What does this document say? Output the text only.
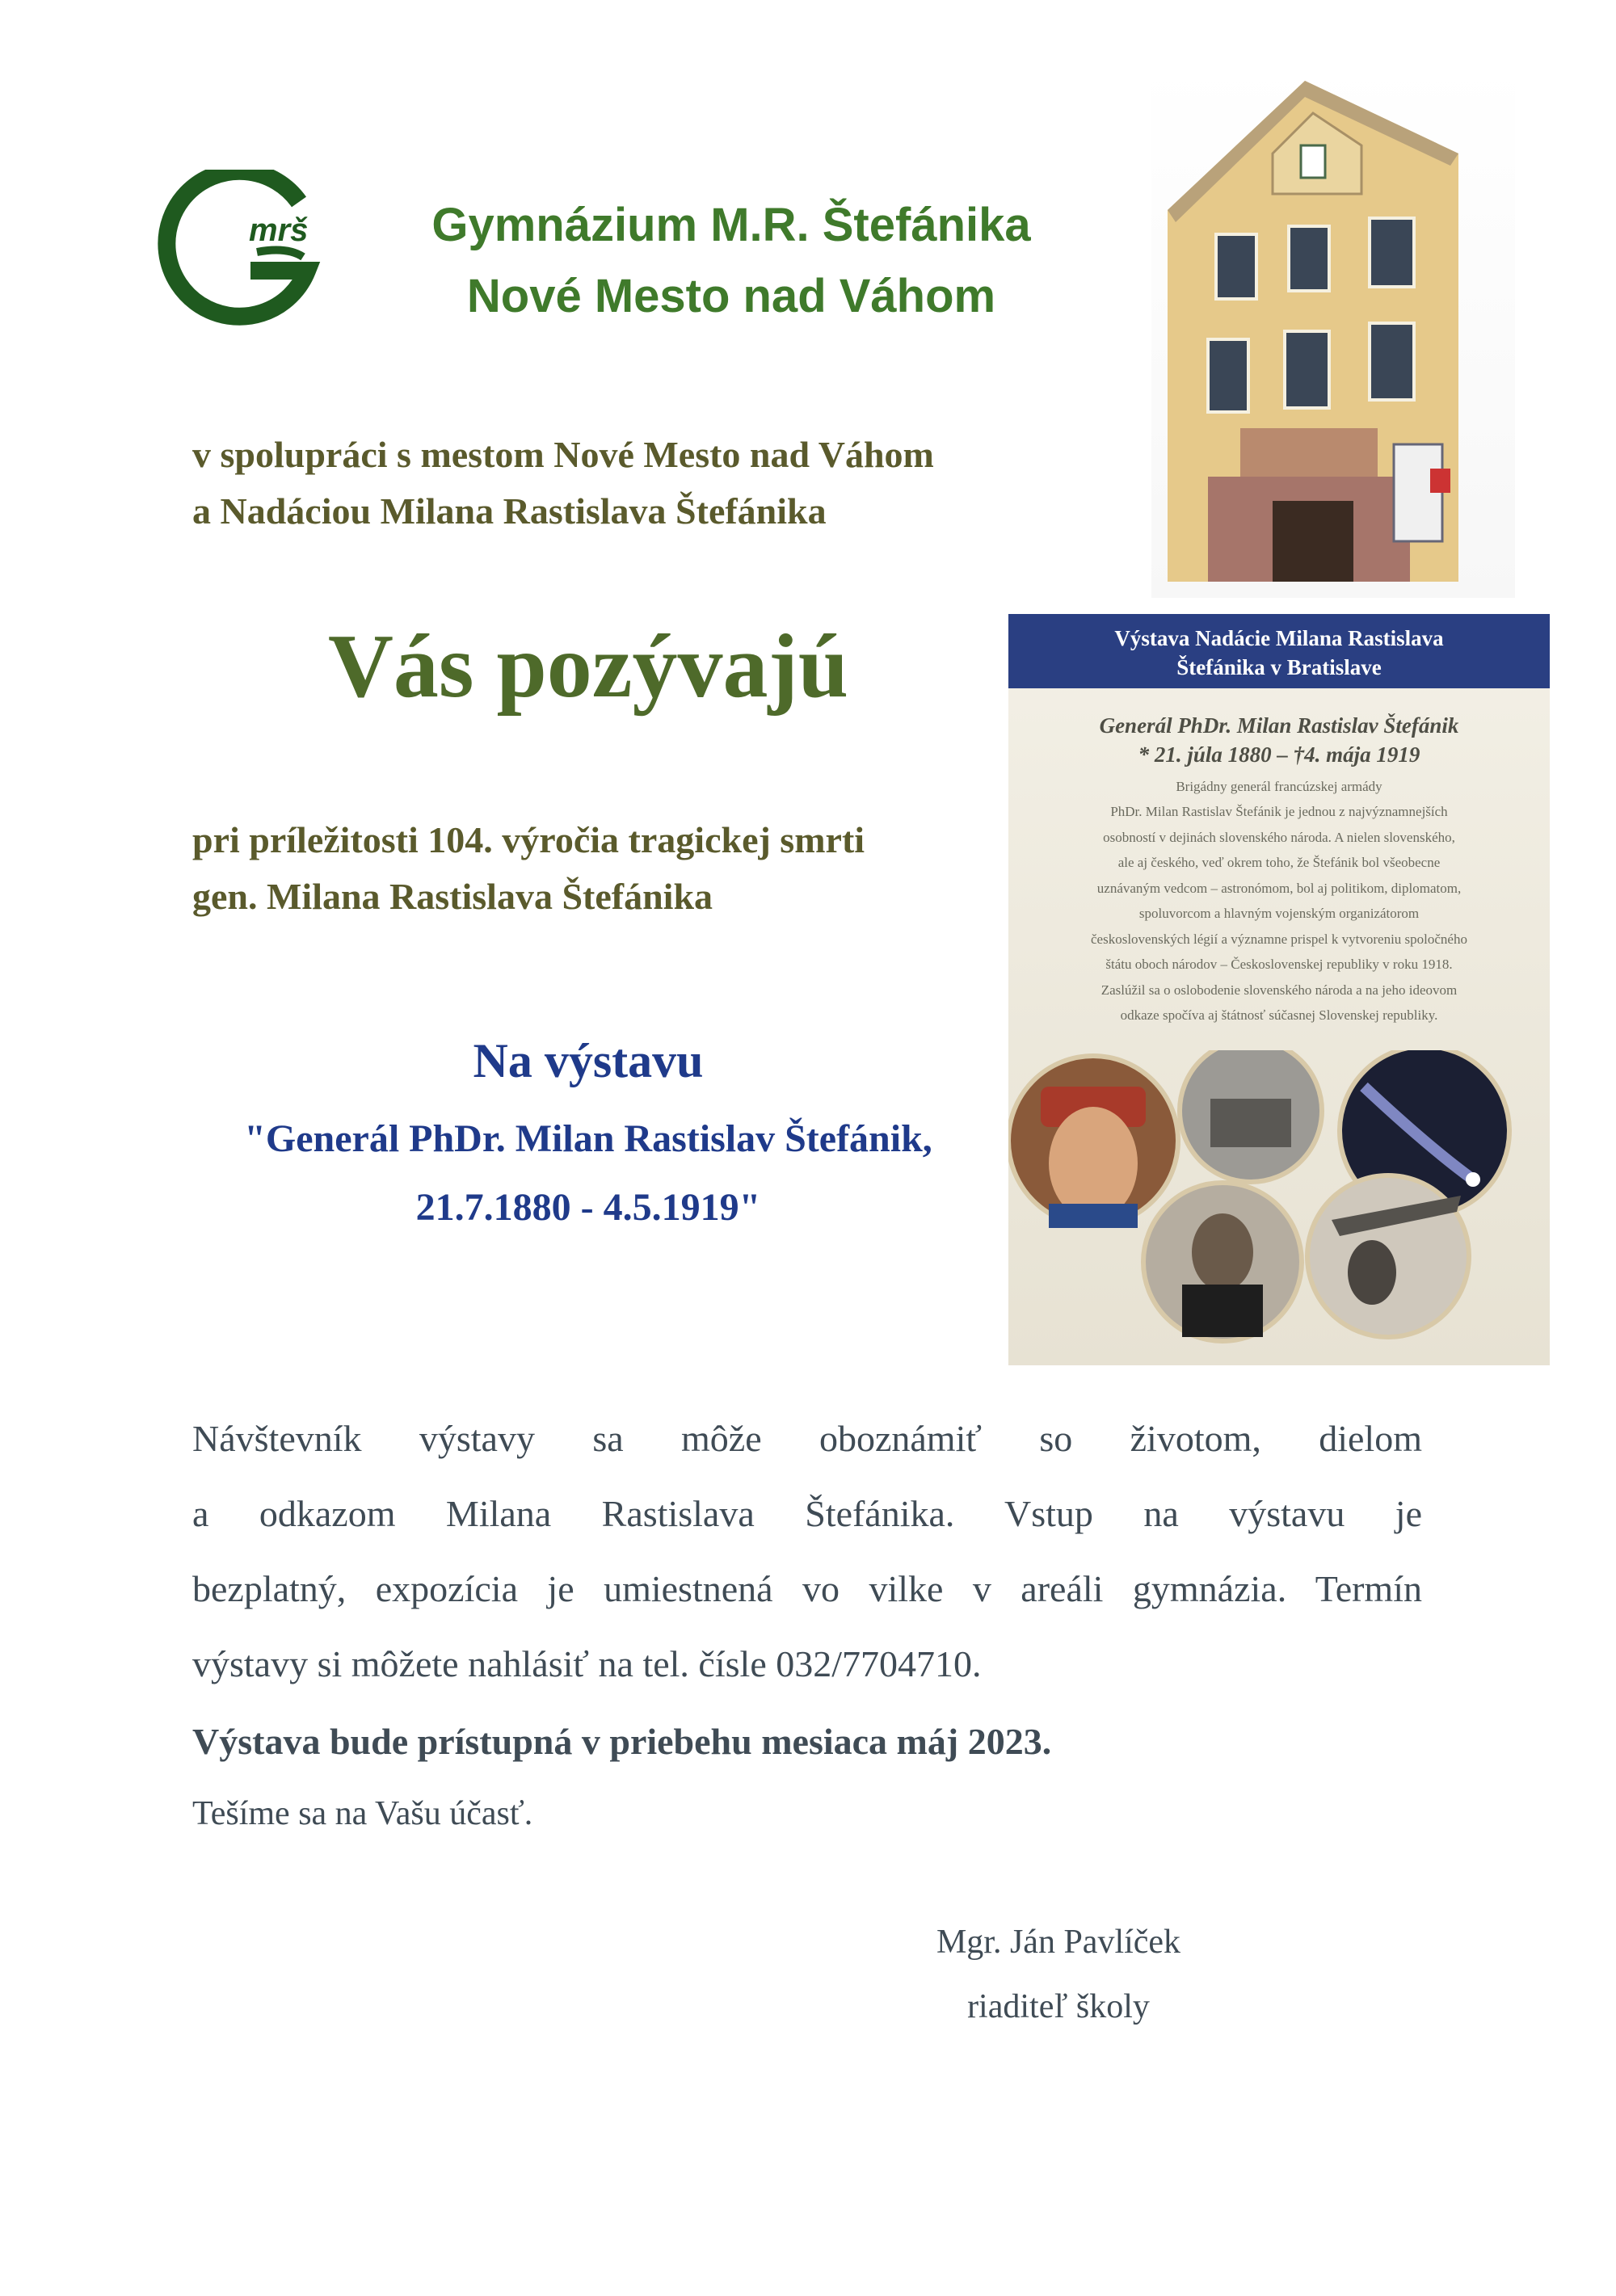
mrš	Gymnázium M.R. Štefánika
Nové Mesto nad Váhom
v spolupráci s mestom Nové Mesto nad Váhom
a Nadáciou Milana Rastislava Štefánika
Vás pozývajú
pri príležitosti 104. výročia tragickej smrti
gen. Milana Rastislava Štefánika
Na výstavu
"Generál PhDr. Milan Rastislav Štefánik,
21.7.1880 - 4.5.1919"
Výstava Nadácie Milana Rastislava
Štefánika v Bratislave
Generál PhDr. Milan Rastislav Štefánik
* 21. júla 1880 – †4. mája 1919
Brigádny generál francúzskej armády
PhDr. Milan Rastislav Štefánik je jednou z najvýznamnejších
osobností v dejinách slovenského národa. A nielen slovenského,
ale aj českého, veď okrem toho, že Štefánik bol všeobecne
uznávaným vedcom – astronómom, bol aj politikom, diplomatom,
spoluvorcom a hlavným vojenským organizátorom
československých légií a významne prispel k vytvoreniu spoločného
štátu oboch národov – Československej republiky v roku 1918.
Zaslúžil sa o oslobodenie slovenského národa a na jeho ideovom
odkaze spočíva aj štátnosť súčasnej Slovenskej republiky.
Návštevník výstavy sa môže oboznámiť so životom, dielom
a odkazom Milana Rastislava Štefánika. Vstup na výstavu je
bezplatný, expozícia je umiestnená vo vilke v areáli gymnázia. Termín
výstavy si môžete nahlásiť na tel. čísle 032/7704710.
Výstava bude prístupná v priebehu mesiaca máj 2023.
Tešíme sa na Vašu účasť.
Mgr. Ján Pavlíček
riaditeľ školy
